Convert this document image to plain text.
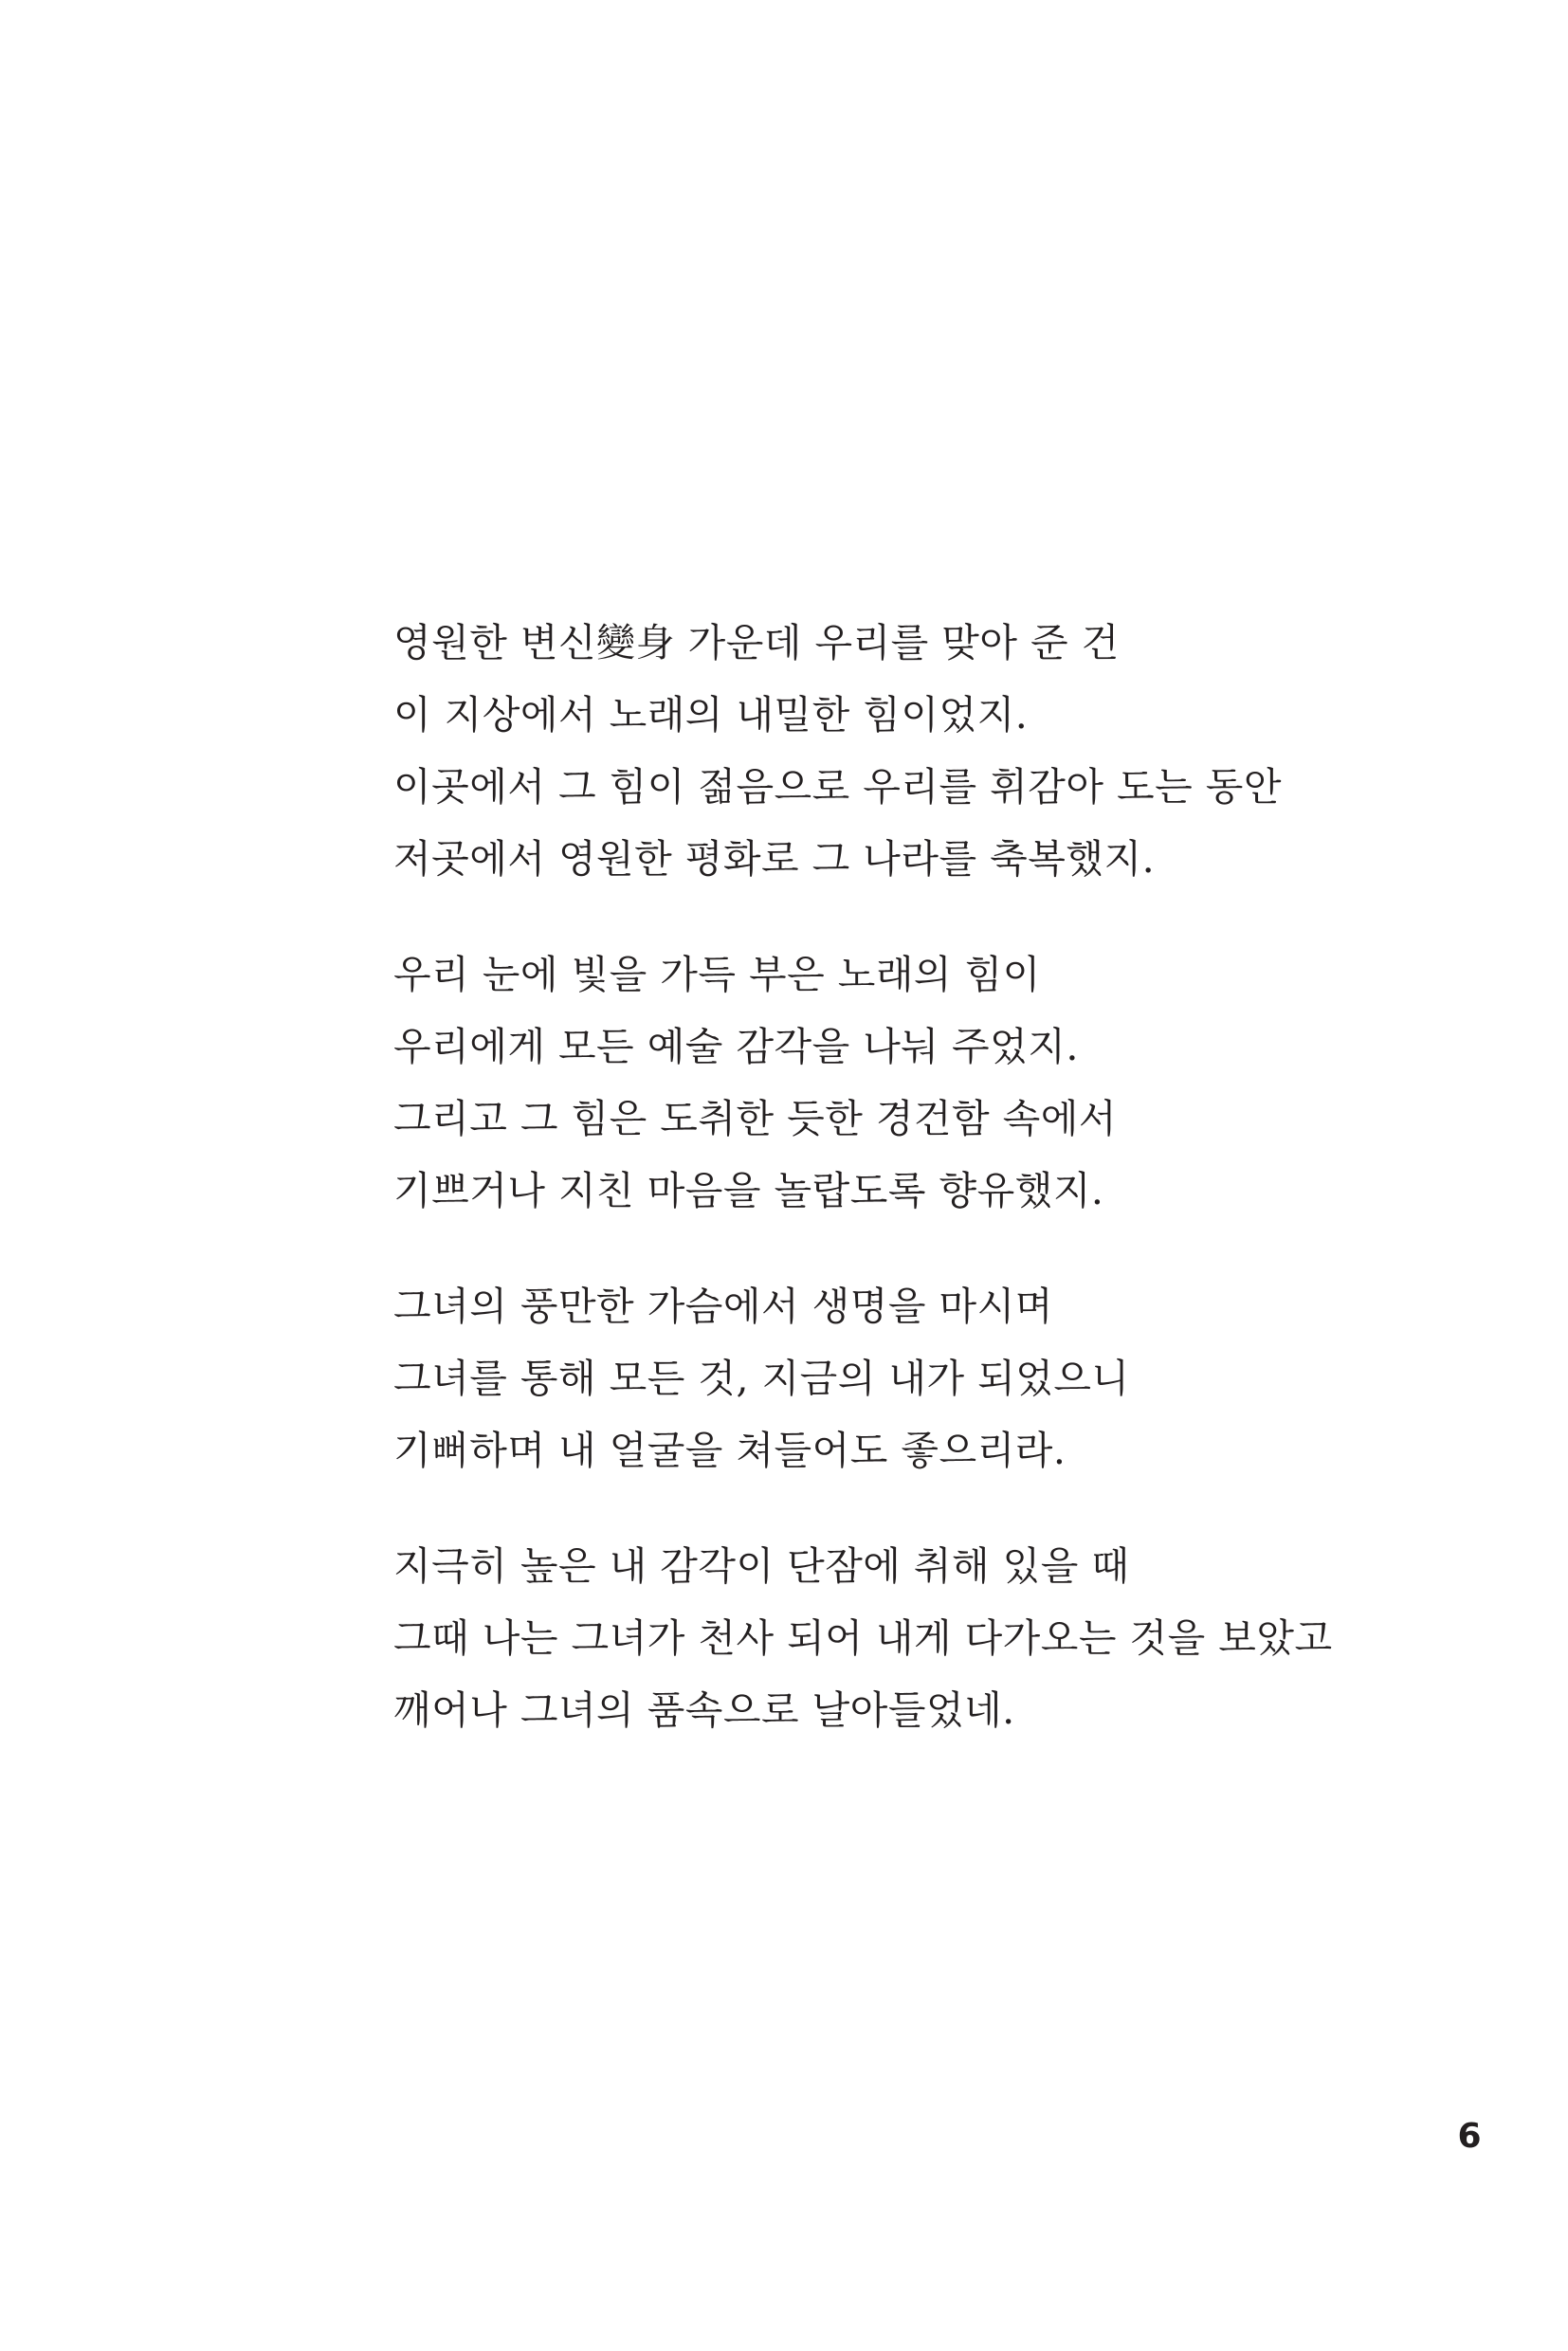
영원한 변신變身 가운데 우리를 맞아 준 건
이 지상에서 노래의 내밀한 힘이었지.
이곳에서 그 힘이 젊음으로 우리를 휘감아 도는 동안
저곳에서 영원한 평화로 그 나라를 축복했지.

우리 눈에 빛을 가득 부은 노래의 힘이
우리에게 모든 예술 감각을 나눠 주었지.
그리고 그 힘은 도취한 듯한 경건함 속에서
기쁘거나 지친 마음을 놀랍도록 향유했지.

그녀의 풍만한 가슴에서 생명을 마시며
그녀를 통해 모든 것, 지금의 내가 되었으니
기뻐하며 내 얼굴을 쳐들어도 좋으리라.

지극히 높은 내 감각이 단잠에 취해 있을 때
그때 나는 그녀가 천사 되어 내게 다가오는 것을 보았고
깨어나 그녀의 품속으로 날아들었네.

9
